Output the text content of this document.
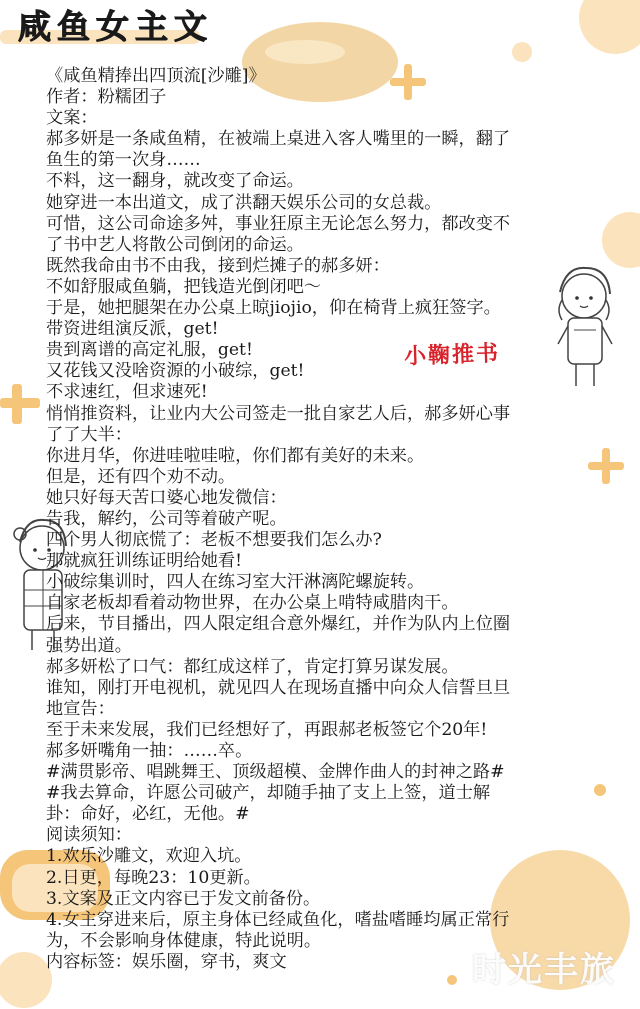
咸鱼女主文
《咸鱼精捧出四顶流[沙雕]》
作者：粉糯团子
文案：
郝多妍是一条咸鱼精，在被端上桌进入客人嘴里的一瞬，翻了
鱼生的第一次身……
不料，这一翻身，就改变了命运。
她穿进一本出道文，成了洪翻天娱乐公司的女总裁。
可惜，这公司命途多舛，事业狂原主无论怎么努力，都改变不
了书中艺人将散公司倒闭的命运。
既然我命由书不由我，接到烂摊子的郝多妍：
不如舒服咸鱼躺，把钱造光倒闭吧～
于是，她把腿架在办公桌上晾jiojio，仰在椅背上疯狂签字。
带资进组演反派，get!
贵到离谱的高定礼服，get!
又花钱又没啥资源的小破综，get!
不求速红，但求速死!
悄悄推资料，让业内大公司签走一批自家艺人后，郝多妍心事
了了大半：
你进月华，你进哇啦哇啦，你们都有美好的未来。
但是，还有四个劝不动。
她只好每天苦口婆心地发微信：
告我，解约，公司等着破产呢。
四个男人彻底慌了：老板不想要我们怎么办?
那就疯狂训练证明给她看!
小破综集训时，四人在练习室大汗淋漓陀螺旋转。
自家老板却看着动物世界，在办公桌上啃特咸腊肉干。
后来，节目播出，四人限定组合意外爆红，并作为队内上位圈
强势出道。
郝多妍松了口气：都红成这样了，肯定打算另谋发展。
谁知，刚打开电视机，就见四人在现场直播中向众人信誓旦旦
地宣告：
至于未来发展，我们已经想好了，再跟郝老板签它个20年!
郝多妍嘴角一抽：……卒。
#满贯影帝、唱跳舞王、顶级超模、金牌作曲人的封神之路#
#我去算命，许愿公司破产，却随手抽了支上上签，道士解
卦：命好，必红，无他。#
阅读须知：
1.欢乐沙雕文，欢迎入坑。
2.日更，每晚23：10更新。
3.文案及正文内容已于发文前备份。
4.女主穿进来后，原主身体已经咸鱼化，嗜盐嗜睡均属正常行
为，不会影响身体健康，特此说明。
内容标签：娱乐圈，穿书，爽文
小鞠推书
时光丰旅
